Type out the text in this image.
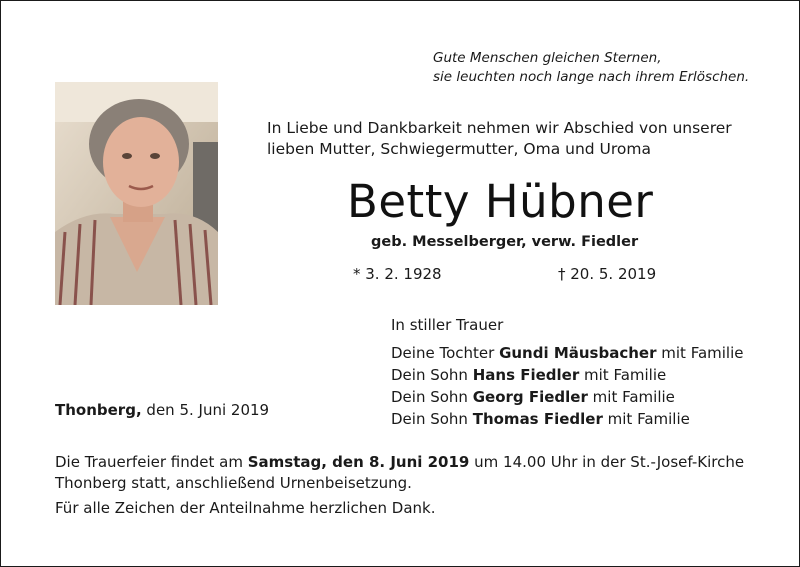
Gute Menschen gleichen Sternen,
sie leuchten noch lange nach ihrem Erlöschen.
In Liebe und Dankbarkeit nehmen wir Abschied von unserer
lieben Mutter, Schwiegermutter, Oma und Uroma
Betty Hübner
geb. Messelberger, verw. Fiedler
* 3. 2. 1928	† 20. 5. 2019
In stiller Trauer
Deine Tochter Gundi Mäusbacher mit Familie
Dein Sohn Hans Fiedler mit Familie
Dein Sohn Georg Fiedler mit Familie
Dein Sohn Thomas Fiedler mit Familie
Thonberg, den 5. Juni 2019
Die Trauerfeier findet am Samstag, den 8. Juni 2019 um 14.00 Uhr in der St.-Josef-Kirche
Thonberg statt, anschließend Urnenbeisetzung.
Für alle Zeichen der Anteilnahme herzlichen Dank.
